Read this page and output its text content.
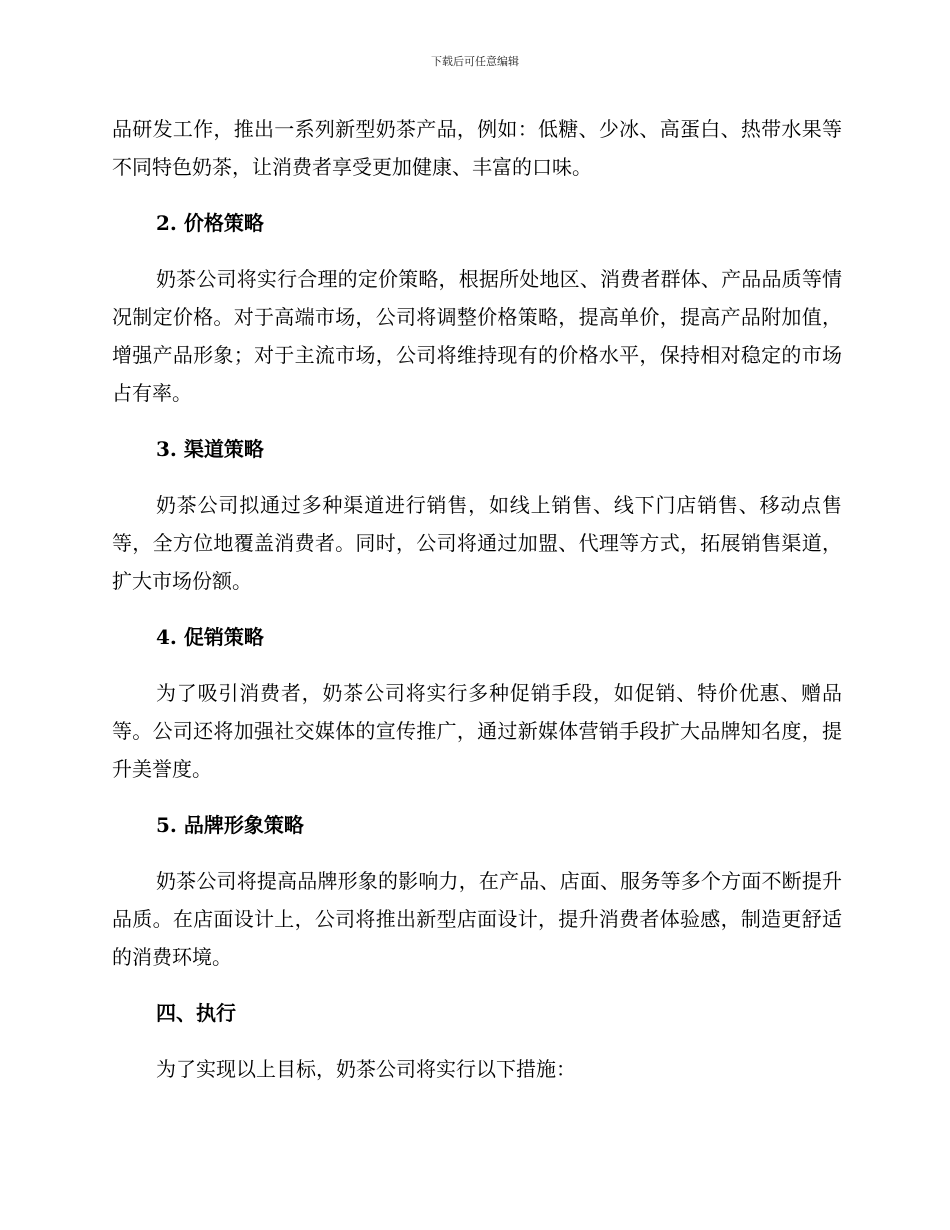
下载后可任意编辑

品研发工作，推出一系列新型奶茶产品，例如：低糖、少冰、高蛋白、热带水果等不同特色奶茶，让消费者享受更加健康、丰富的口味。

2. 价格策略

奶茶公司将实行合理的定价策略，根据所处地区、消费者群体、产品品质等情况制定价格。对于高端市场，公司将调整价格策略，提高单价，提高产品附加值，增强产品形象；对于主流市场，公司将维持现有的价格水平，保持相对稳定的市场占有率。

3. 渠道策略

奶茶公司拟通过多种渠道进行销售，如线上销售、线下门店销售、移动点售等，全方位地覆盖消费者。同时，公司将通过加盟、代理等方式，拓展销售渠道，扩大市场份额。

4. 促销策略

为了吸引消费者，奶茶公司将实行多种促销手段，如促销、特价优惠、赠品等。公司还将加强社交媒体的宣传推广，通过新媒体营销手段扩大品牌知名度，提升美誉度。

5. 品牌形象策略

奶茶公司将提高品牌形象的影响力，在产品、店面、服务等多个方面不断提升品质。在店面设计上，公司将推出新型店面设计，提升消费者体验感，制造更舒适的消费环境。

四、执行

为了实现以上目标，奶茶公司将实行以下措施：
